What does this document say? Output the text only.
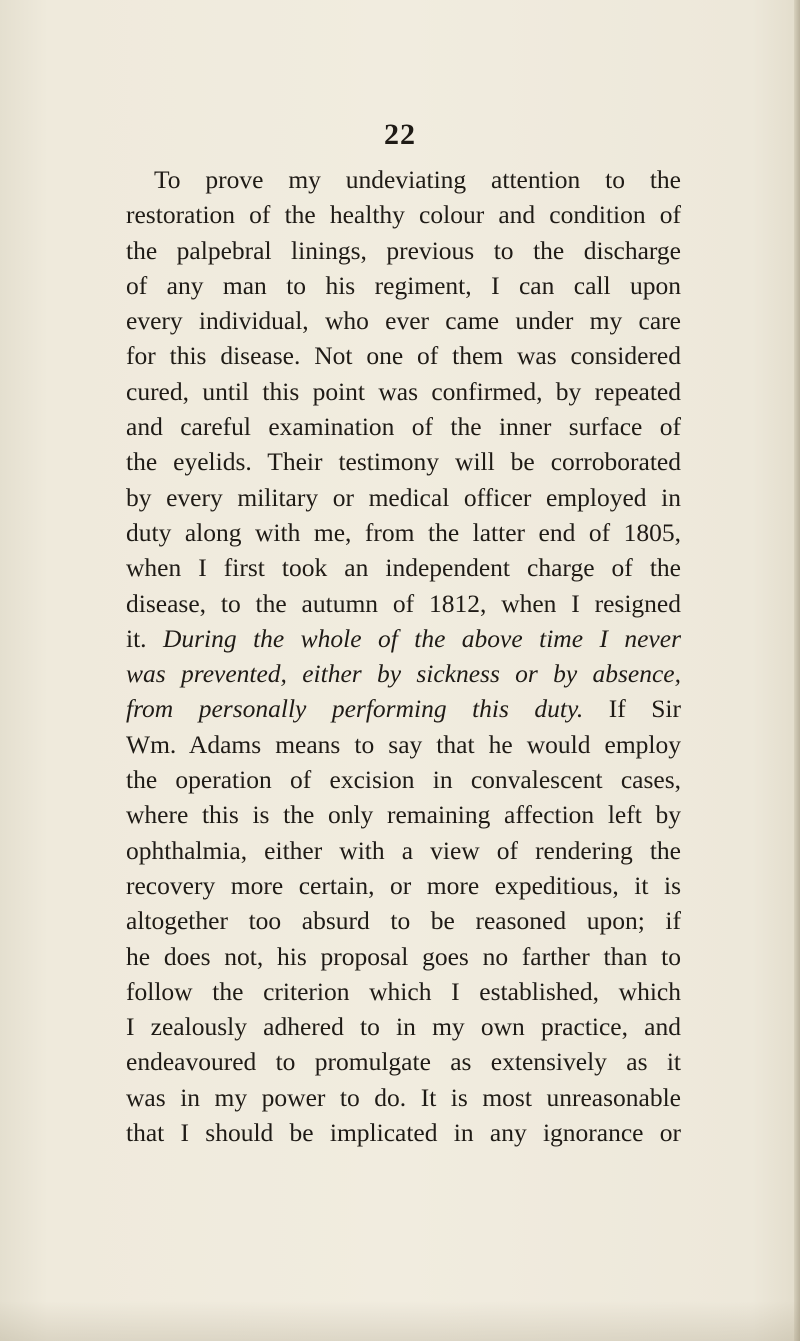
22
To prove my undeviating attention to the
restoration of the healthy colour and condition of
the palpebral linings, previous to the discharge
of any man to his regiment, I can call upon
every individual, who ever came under my care
for this disease. Not one of them was considered
cured, until this point was confirmed, by repeated
and careful examination of the inner surface of
the eyelids. Their testimony will be corroborated
by every military or medical officer employed in
duty along with me, from the latter end of 1805,
when I first took an independent charge of the
disease, to the autumn of 1812, when I resigned
it. During the whole of the above time I never
was prevented, either by sickness or by absence,
from personally performing this duty. If Sir
Wm. Adams means to say that he would employ
the operation of excision in convalescent cases,
where this is the only remaining affection left by
ophthalmia, either with a view of rendering the
recovery more certain, or more expeditious, it is
altogether too absurd to be reasoned upon; if
he does not, his proposal goes no farther than to
follow the criterion which I established, which
I zealously adhered to in my own practice, and
endeavoured to promulgate as extensively as it
was in my power to do. It is most unreasonable
that I should be implicated in any ignorance or
